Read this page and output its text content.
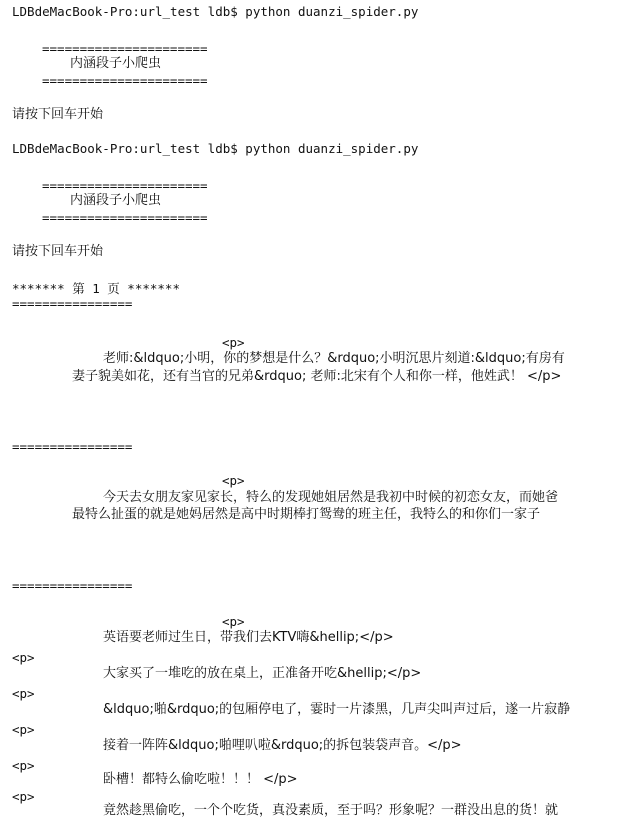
LDBdeMacBook-Pro:url_test ldb$ python duanzi_spider.py
======================
内涵段子小爬虫
======================
请按下回车开始
LDBdeMacBook-Pro:url_test ldb$ python duanzi_spider.py
======================
内涵段子小爬虫
======================
请按下回车开始
******* 第 1 页 *******
================
<p>
老师:&ldquo;小明，你的梦想是什么？&rdquo;小明沉思片刻道:&ldquo;有房有
妻子貌美如花，还有当官的兄弟&rdquo; 老师:北宋有个人和你一样，他姓武！ </p>
================
<p>
今天去女朋友家见家长，特么的发现她姐居然是我初中时候的初恋女友，而她爸
最特么扯蛋的就是她妈居然是高中时期棒打鸳鸯的班主任，我特么的和你们一家子
================
<p>
英语要老师过生日，带我们去KTV嗨&hellip;</p>
<p>
大家买了一堆吃的放在桌上，正准备开吃&hellip;</p>
<p>
&ldquo;啪&rdquo;的包厢停电了，霎时一片漆黑，几声尖叫声过后，遂一片寂静
<p>
接着一阵阵&ldquo;啪哩叭啦&rdquo;的拆包装袋声音。</p>
<p>
卧槽！都特么偷吃啦！！！ </p>
<p>
竟然趁黑偷吃，一个个吃货，真没素质，至于吗？形象呢？一群没出息的货！就
